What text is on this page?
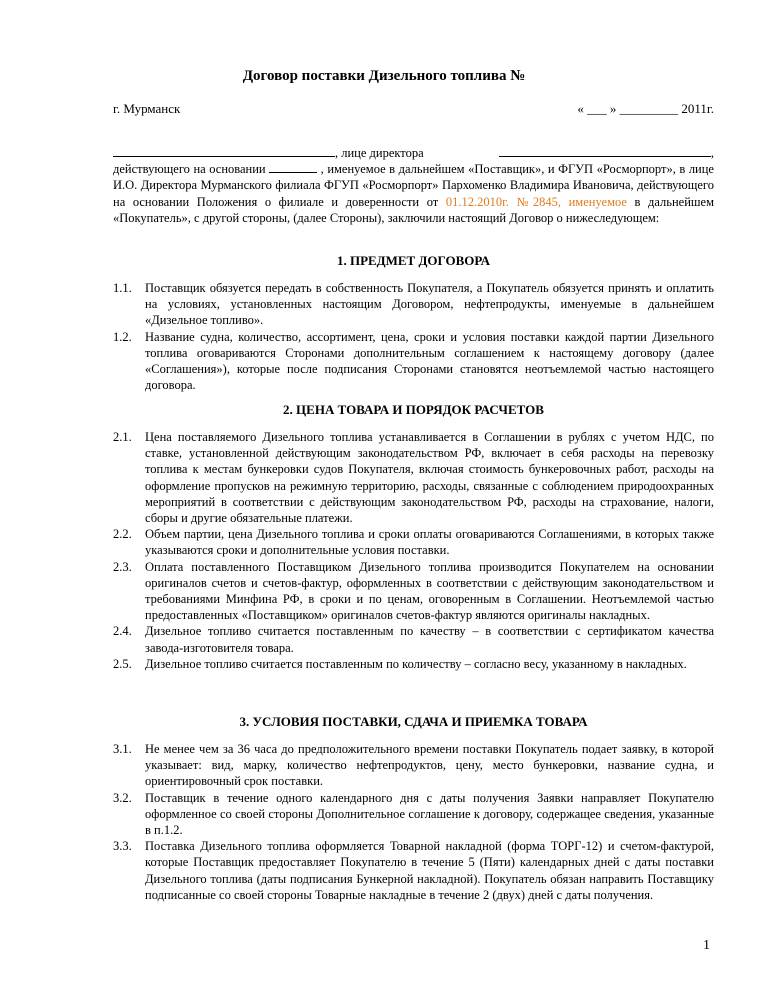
Договор поставки Дизельного топлива №
г. Мурманск	« ___ » _________ 2011г.
, лице директора	,
действующего на основании	, именуемое в дальнейшем «Поставщик», и ФГУП «Росморпорт», в лице И.О. Директора Мурманского филиала ФГУП «Росморпорт» Пархоменко Владимира Ивановича, действующего на основании Положения о филиале и доверенности от 01.12.2010г. №2845, именуемое в дальнейшем «Покупатель», с другой стороны, (далее Стороны), заключили настоящий Договор о нижеследующем:
1. ПРЕДМЕТ ДОГОВОРА
1.1.	Поставщик обязуется передать в собственность Покупателя, а Покупатель обязуется принять и оплатить на условиях, установленных настоящим Договором, нефтепродукты, именуемые в дальнейшем «Дизельное топливо».
1.2.	Название судна, количество, ассортимент, цена, сроки и условия поставки каждой партии Дизельного топлива оговариваются Сторонами дополнительным соглашением к настоящему договору (далее «Соглашения»), которые после подписания Сторонами становятся неотъемлемой частью настоящего договора.
2. ЦЕНА ТОВАРА И ПОРЯДОК РАСЧЕТОВ
2.1.	Цена поставляемого Дизельного топлива устанавливается в Соглашении в рублях с учетом НДС, по ставке, установленной действующим законодательством РФ, включает в себя расходы на перевозку топлива к местам бункеровки судов Покупателя, включая стоимость бункеровочных работ, расходы на оформление пропусков на режимную территорию, расходы, связанные с соблюдением природоохранных мероприятий в соответствии с действующим законодательством РФ, расходы на страхование, налоги, сборы и другие обязательные платежи.
2.2.	Объем партии, цена Дизельного топлива и сроки оплаты оговариваются Соглашениями, в которых также указываются сроки и дополнительные условия поставки.
2.3.	Оплата поставленного Поставщиком Дизельного топлива производится Покупателем на основании оригиналов счетов и счетов-фактур, оформленных в соответствии с действующим законодательством и требованиями Минфина РФ, в сроки и по ценам, оговоренным в Соглашении. Неотъемлемой частью предоставленных «Поставщиком» оригиналов счетов-фактур являются оригиналы накладных.
2.4.	Дизельное топливо считается поставленным по качеству – в соответствии с сертификатом качества завода-изготовителя товара.
2.5.	Дизельное топливо считается поставленным по количеству – согласно весу, указанному в накладных.
3. УСЛОВИЯ ПОСТАВКИ, СДАЧА И ПРИЕМКА ТОВАРА
3.1.	Не менее чем за 36 часа до предположительного времени поставки Покупатель подает заявку, в которой указывает: вид, марку, количество нефтепродуктов, цену, место бункеровки, название судна, и ориентировочный срок поставки.
3.2.	Поставщик в течение одного календарного дня с даты получения Заявки направляет Покупателю оформленное со своей стороны Дополнительное соглашение к договору, содержащее сведения, указанные в п.1.2.
3.3.	Поставка Дизельного топлива оформляется Товарной накладной (форма ТОРГ-12) и счетом-фактурой, которые Поставщик предоставляет Покупателю в течение 5 (Пяти) календарных дней с даты поставки Дизельного топлива (даты подписания Бункерной накладной). Покупатель обязан направить Поставщику подписанные со своей стороны Товарные накладные в течение 2 (двух) дней с даты получения.
1
